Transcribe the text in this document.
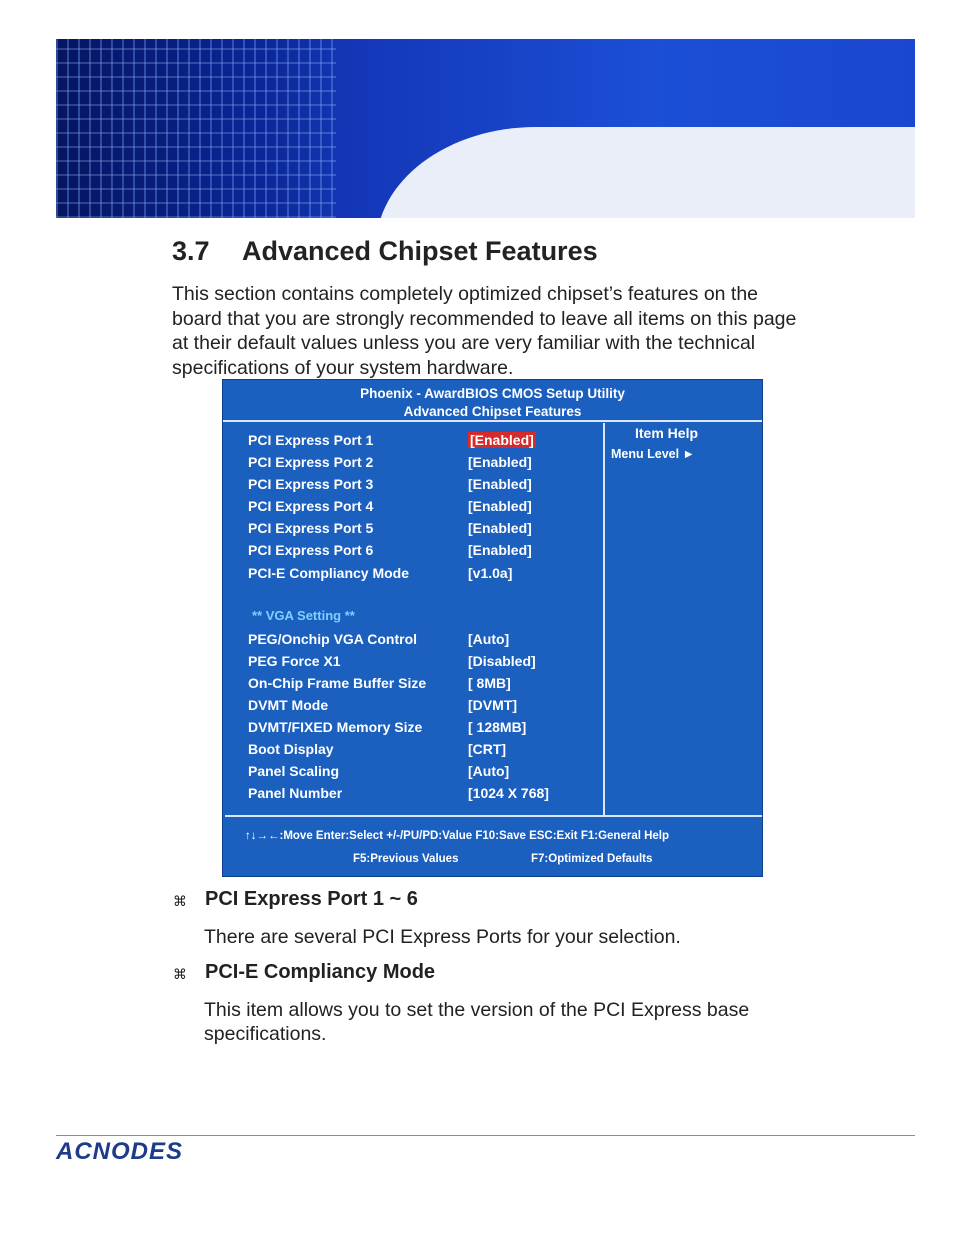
3.7 Advanced Chipset Features

This section contains completely optimized chipset’s features on the board that you are strongly recommended to leave all items on this page at their default values unless you are very familiar with the technical specifications of your system hardware.

Phoenix - AwardBIOS CMOS Setup Utility
Advanced Chipset Features
PCI Express Port 1	[Enabled]
PCI Express Port 2	[Enabled]
PCI Express Port 3	[Enabled]
PCI Express Port 4	[Enabled]
PCI Express Port 5	[Enabled]
PCI Express Port 6	[Enabled]
PCI-E Compliancy Mode	[v1.0a]
** VGA Setting **
PEG/Onchip VGA Control	[Auto]
PEG Force X1	[Disabled]
On-Chip Frame Buffer Size	[ 8MB]
DVMT Mode	[DVMT]
DVMT/FIXED Memory Size	[ 128MB]
Boot Display	[CRT]
Panel Scaling	[Auto]
Panel Number	[1024 X 768]
Item Help
Menu Level ►
↑↓→←:Move Enter:Select +/-/PU/PD:Value F10:Save ESC:Exit F1:General Help
F5:Previous Values	F7:Optimized Defaults
⌘ PCI Express Port 1 ~ 6

There are several PCI Express Ports for your selection.

⌘ PCI-E Compliancy Mode

This item allows you to set the version of the PCI Express base specifications.

ACNODES
